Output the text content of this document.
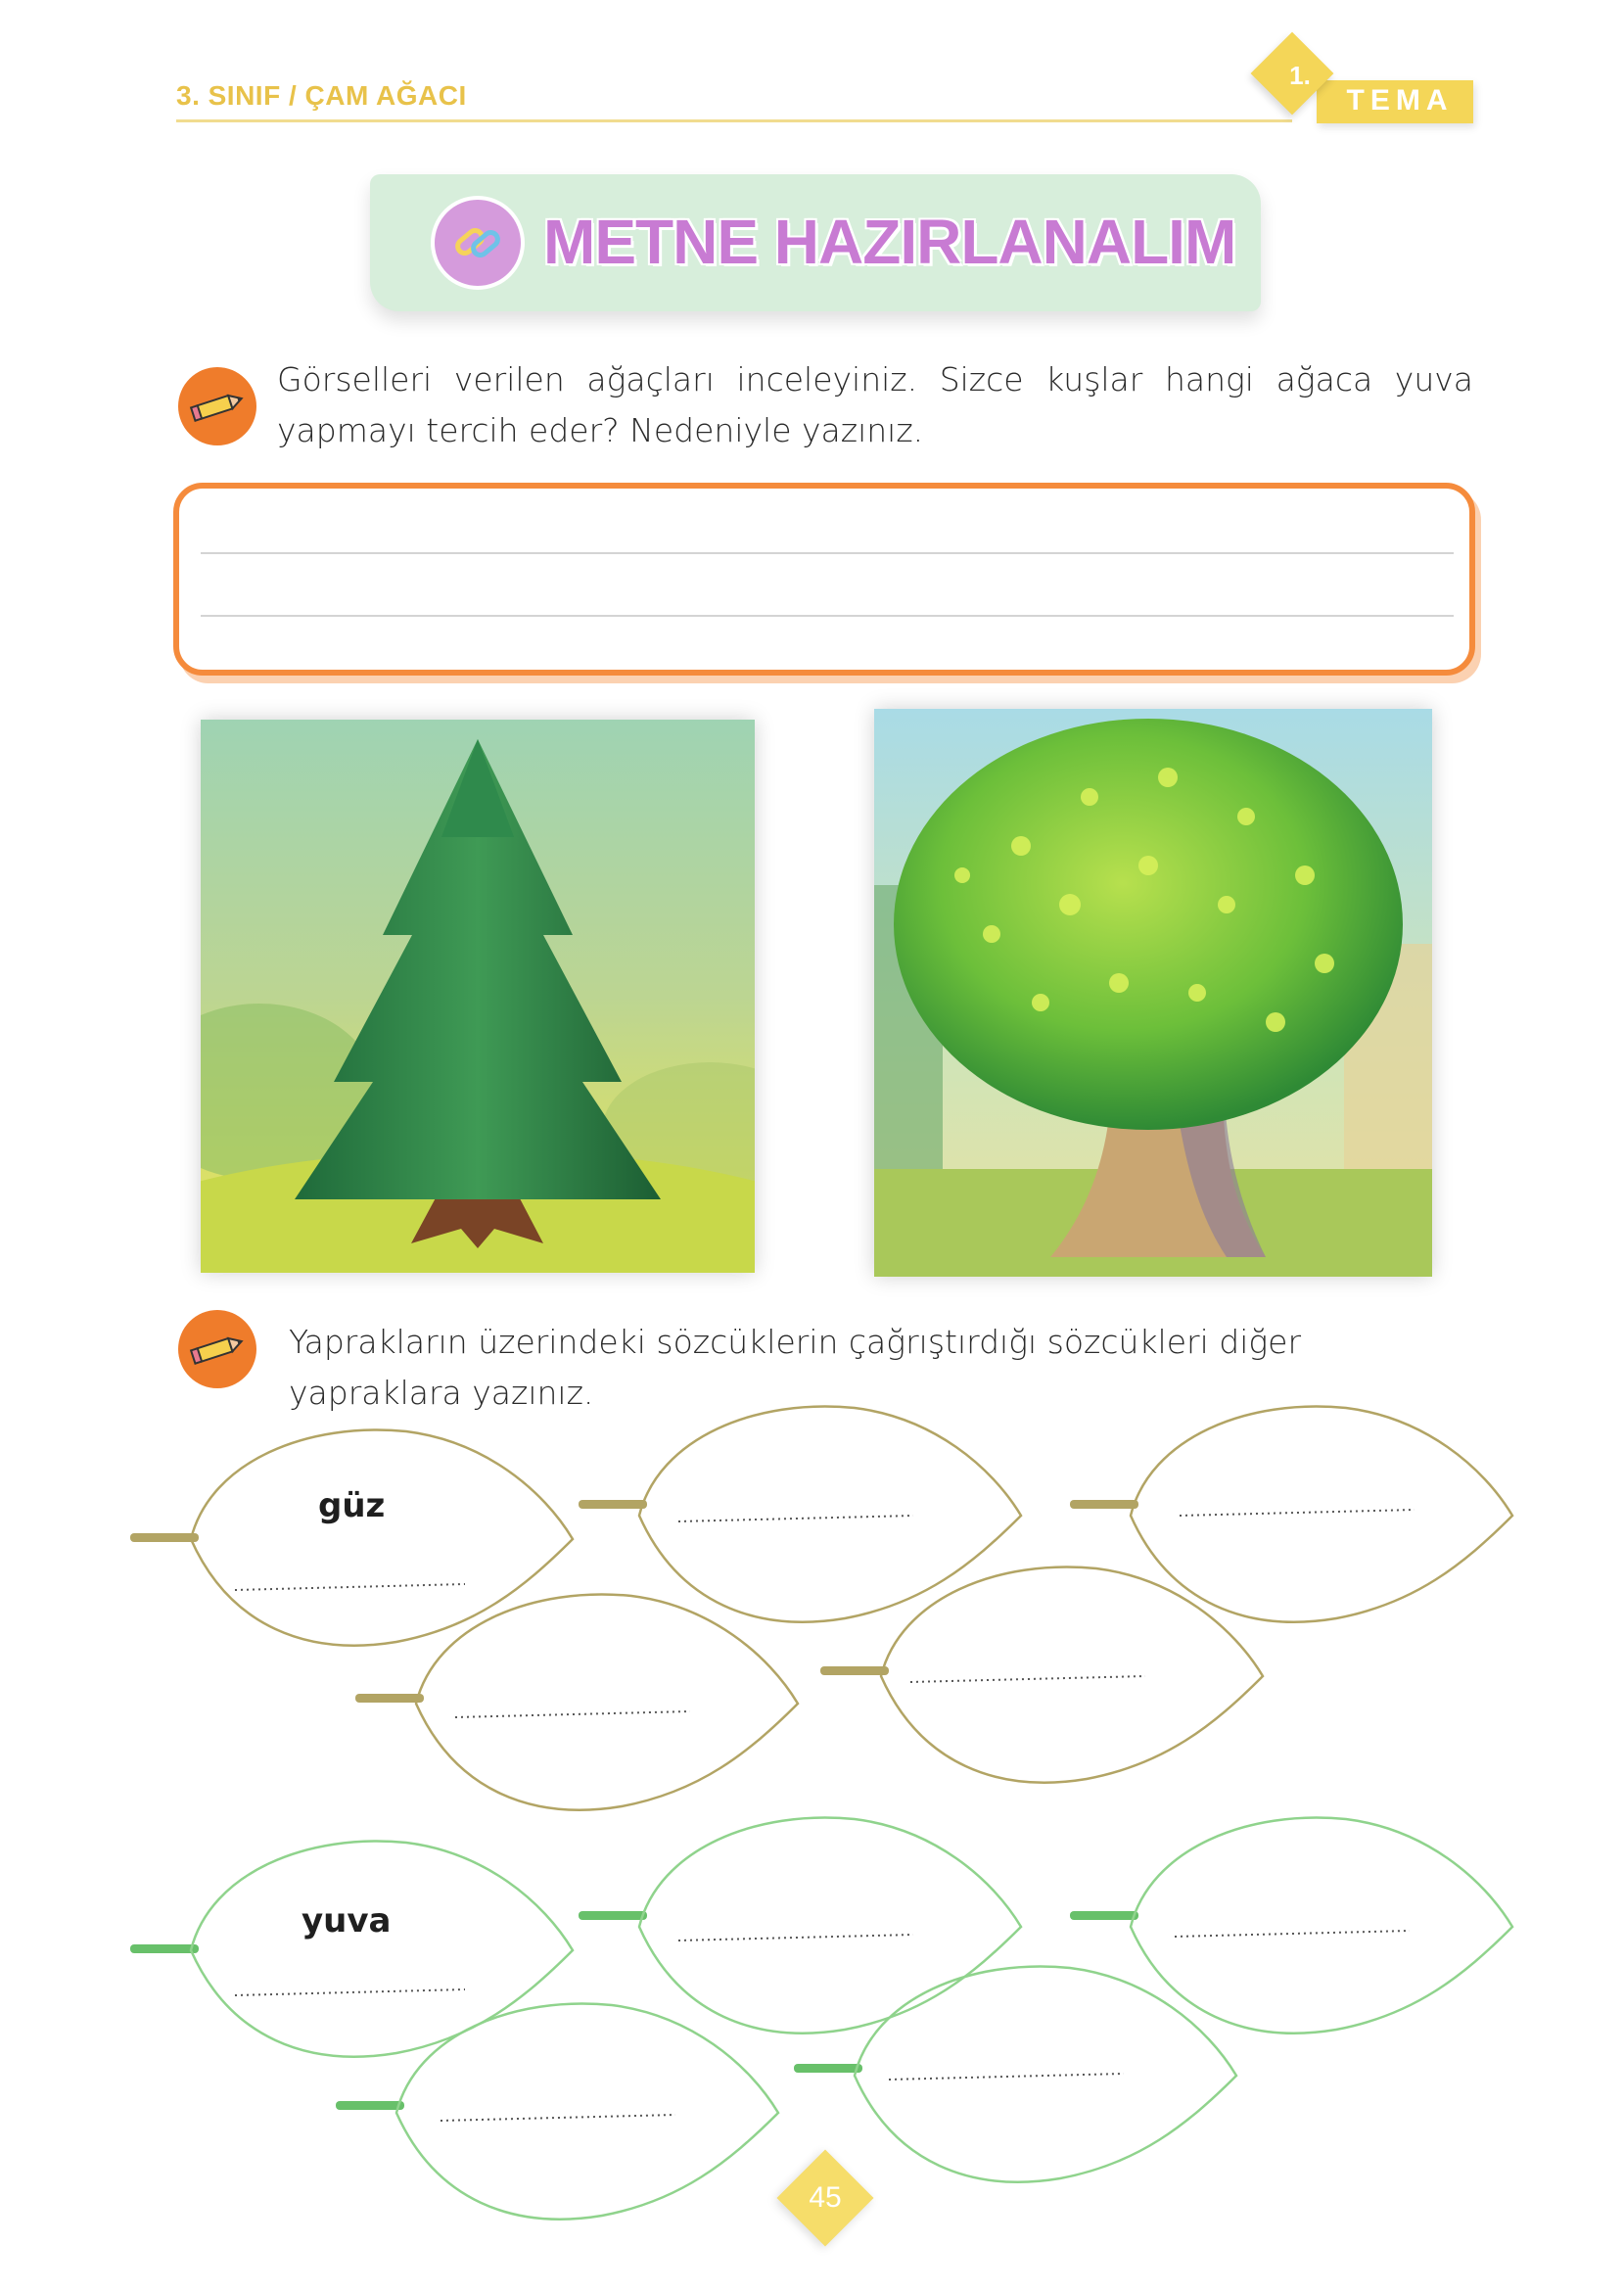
3. SINIF / ÇAM AĞACI
1.
TEMA
METNE HAZIRLANALIM
Görselleri verilen ağaçları inceleyiniz. Sizce kuşlar hangi ağaca yuva yapmayı tercih eder? Nedeniyle yazınız.
Yaprakların üzerindeki sözcüklerin çağrıştırdığı sözcükleri diğer yapraklara yazınız.
güz
yuva
45
